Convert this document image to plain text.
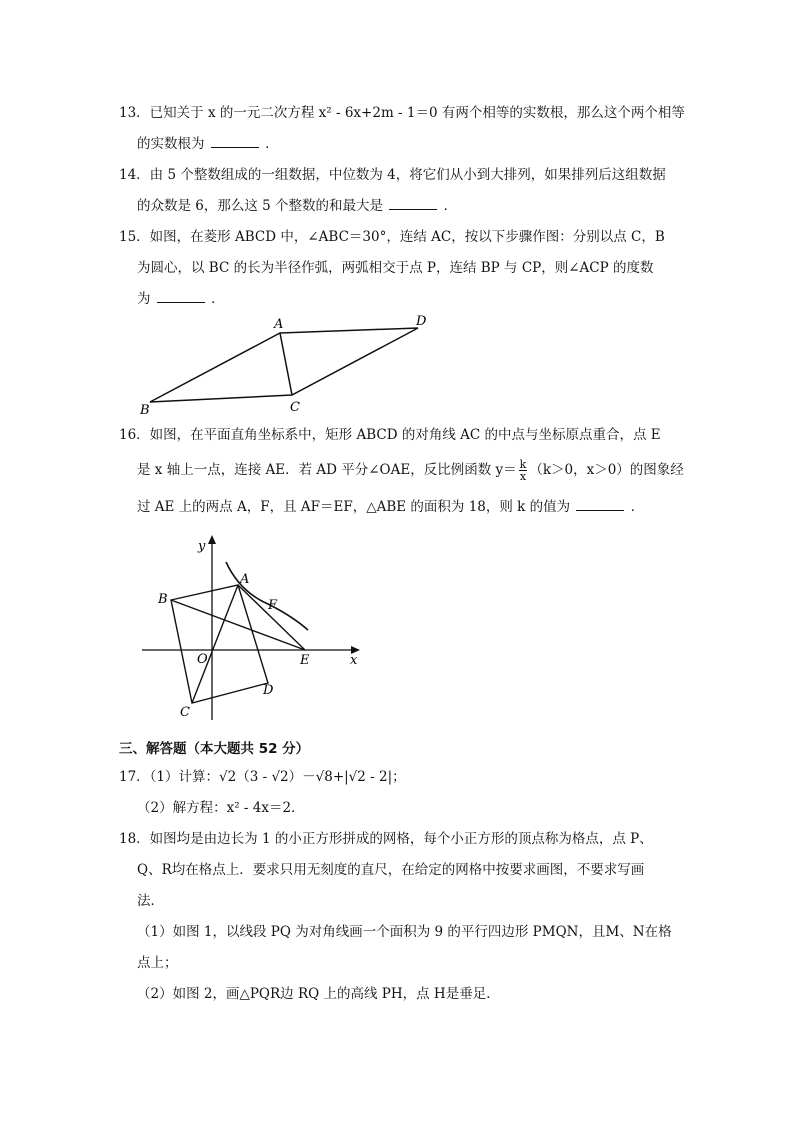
13．已知关于 x 的一元二次方程 x² - 6x+2m - 1＝0 有两个相等的实数根，那么这个两个相等
的实数根为	．
14．由 5 个整数组成的一组数据，中位数为 4，将它们从小到大排列，如果排列后这组数据
的众数是 6，那么这 5 个整数的和最大是	．
15．如图，在菱形 ABCD 中，∠ABC＝30°，连结 AC，按以下步骤作图：分别以点 C，B
为圆心，以 BC 的长为半径作弧，两弧相交于点 P，连结 BP 与 CP，则∠ACP 的度数
为	．
A	D
C
B
16．如图，在平面直角坐标系中，矩形 ABCD 的对角线 AC 的中点与坐标原点重合，点 E
是 x 轴上一点，连接 AE．若 AD 平分∠OAE，反比例函数 $y= \frac{k}{x} (k>0$，x＞0）的图象经
过 AE 上的两点 A，F，且 AF＝EF，△ABE 的面积为 18，则 k 的值为	．
y
x
O
A
B
C
D
E
F
三、解答题（本大题共 52 分）
17．（1）计算：√2（3 - √2）－√8+|√2 - 2|；
（2）解方程：x² - 4x＝2．
18．如图均是由边长为 1 的小正方形拼成的网格，每个小正方形的顶点称为格点，点 P、
Q、R均在格点上．要求只用无刻度的直尺，在给定的网格中按要求画图，不要求写画
法．
（1）如图 1，以线段 PQ 为对角线画一个面积为 9 的平行四边形 PMQN，且M、N在格
点上；
（2）如图 2，画△PQR边 RQ 上的高线 PH，点 H是垂足．
